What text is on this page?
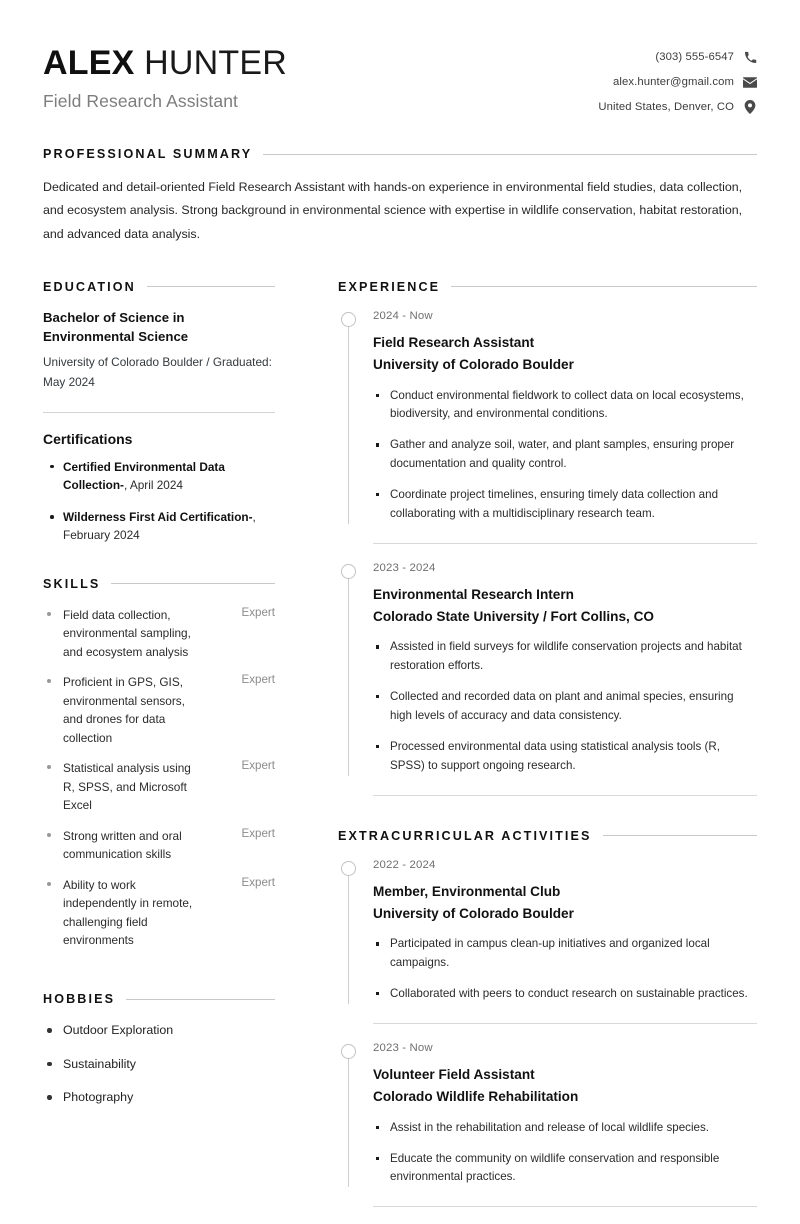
ALEX HUNTER
Field Research Assistant
(303) 555-6547
alex.hunter@gmail.com
United States, Denver, CO
PROFESSIONAL SUMMARY

Dedicated and detail-oriented Field Research Assistant with hands-on experience in environmental field studies, data collection, and ecosystem analysis. Strong background in environmental science with expertise in wildlife conservation, habitat restoration, and advanced data analysis.

EDUCATION
Bachelor of Science in Environmental Science
University of Colorado Boulder / Graduated: May 2024
Certifications
Certified Environmental Data Collection-, April 2024
Wilderness First Aid Certification-, February 2024
SKILLS
Field data collection, environmental sampling, and ecosystem analysis
Expert
Proficient in GPS, GIS, environmental sensors, and drones for data collection
Expert
Statistical analysis using R, SPSS, and Microsoft Excel
Expert
Strong written and oral communication skills
Expert
Ability to work independently in remote, challenging field environments
Expert
HOBBIES
Outdoor Exploration
Sustainability
Photography
EXPERIENCE
2024 - Now
Field Research Assistant
University of Colorado Boulder
Conduct environmental fieldwork to collect data on local ecosystems, biodiversity, and environmental conditions.
Gather and analyze soil, water, and plant samples, ensuring proper documentation and quality control.
Coordinate project timelines, ensuring timely data collection and collaborating with a multidisciplinary research team.
2023 - 2024
Environmental Research Intern
Colorado State University / Fort Collins, CO
Assisted in field surveys for wildlife conservation projects and habitat restoration efforts.
Collected and recorded data on plant and animal species, ensuring high levels of accuracy and data consistency.
Processed environmental data using statistical analysis tools (R, SPSS) to support ongoing research.
EXTRACURRICULAR ACTIVITIES
2022 - 2024
Member, Environmental Club
University of Colorado Boulder
Participated in campus clean-up initiatives and organized local campaigns.
Collaborated with peers to conduct research on sustainable practices.
2023 - Now
Volunteer Field Assistant
Colorado Wildlife Rehabilitation
Assist in the rehabilitation and release of local wildlife species.
Educate the community on wildlife conservation and responsible environmental practices.
